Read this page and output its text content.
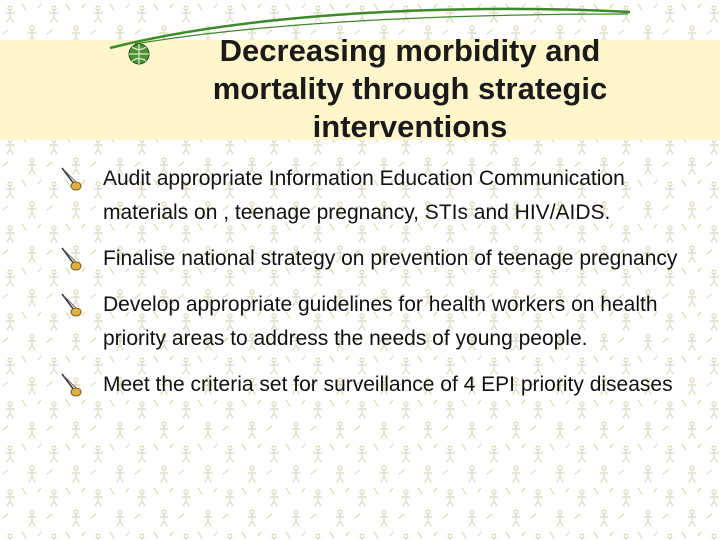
Decreasing morbidity and mortality through strategic interventions
Audit appropriate Information Education Communication materials on , teenage pregnancy, STIs and HIV/AIDS.
Finalise national strategy on prevention of teenage pregnancy
Develop appropriate guidelines for health workers on health priority areas to address the needs of young people.
Meet the criteria set for surveillance of 4 EPI priority diseases
